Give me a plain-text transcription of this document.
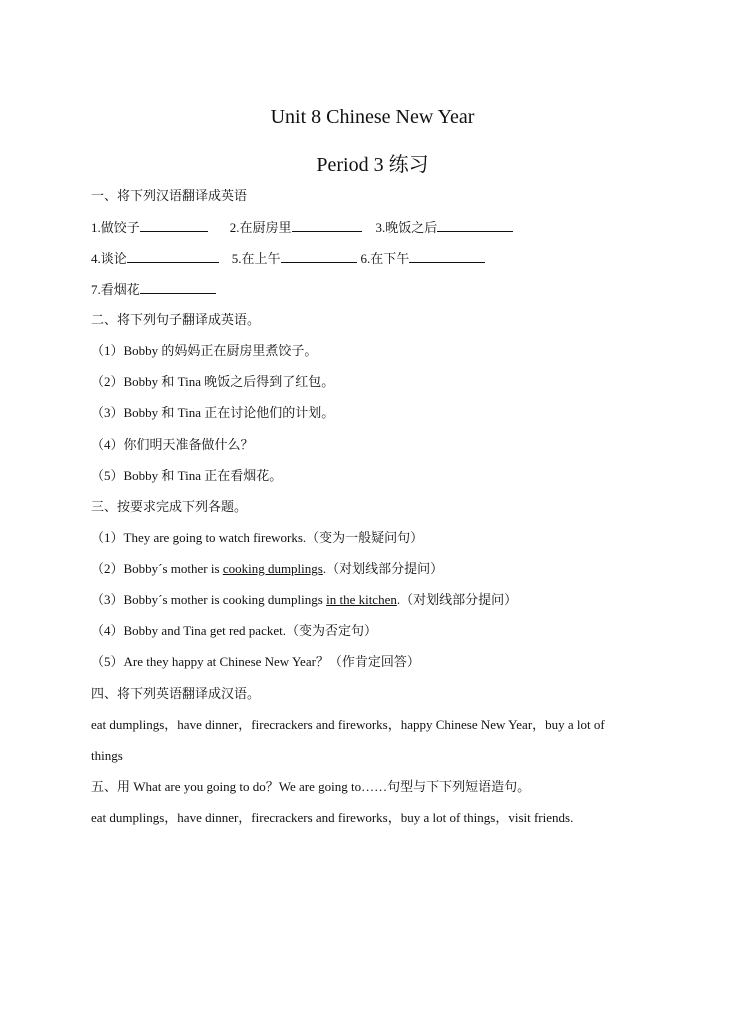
Unit 8 Chinese New Year
Period 3 练习
一、将下列汉语翻译成英语
1.做饺子	2.在厨房里	3.晚饭之后
4.谈论	5.在上午	6.在下午
7.看烟花
二、将下列句子翻译成英语。
（1）Bobby 的妈妈正在厨房里煮饺子。
（2）Bobby 和 Tina 晚饭之后得到了红包。
（3）Bobby 和 Tina 正在讨论他们的计划。
（4）你们明天准备做什么？
（5）Bobby 和 Tina 正在看烟花。
三、按要求完成下列各题。
（1）They are going to watch fireworks.（变为一般疑问句）
（2）Bobby´s mother is cooking dumplings.（对划线部分提问）
（3）Bobby´s mother is cooking dumplings in the kitchen.（对划线部分提问）
（4）Bobby and Tina get red packet.（变为否定句）
（5）Are they happy at Chinese New Year？（作肯定回答）
四、将下列英语翻译成汉语。
eat dumplings，have dinner，firecrackers and fireworks，happy Chinese New Year，buy a lot of
things
五、用 What are you going to do？We are going to……句型与下下列短语造句。
eat dumplings，have dinner，firecrackers and fireworks，buy a lot of things，visit friends.
